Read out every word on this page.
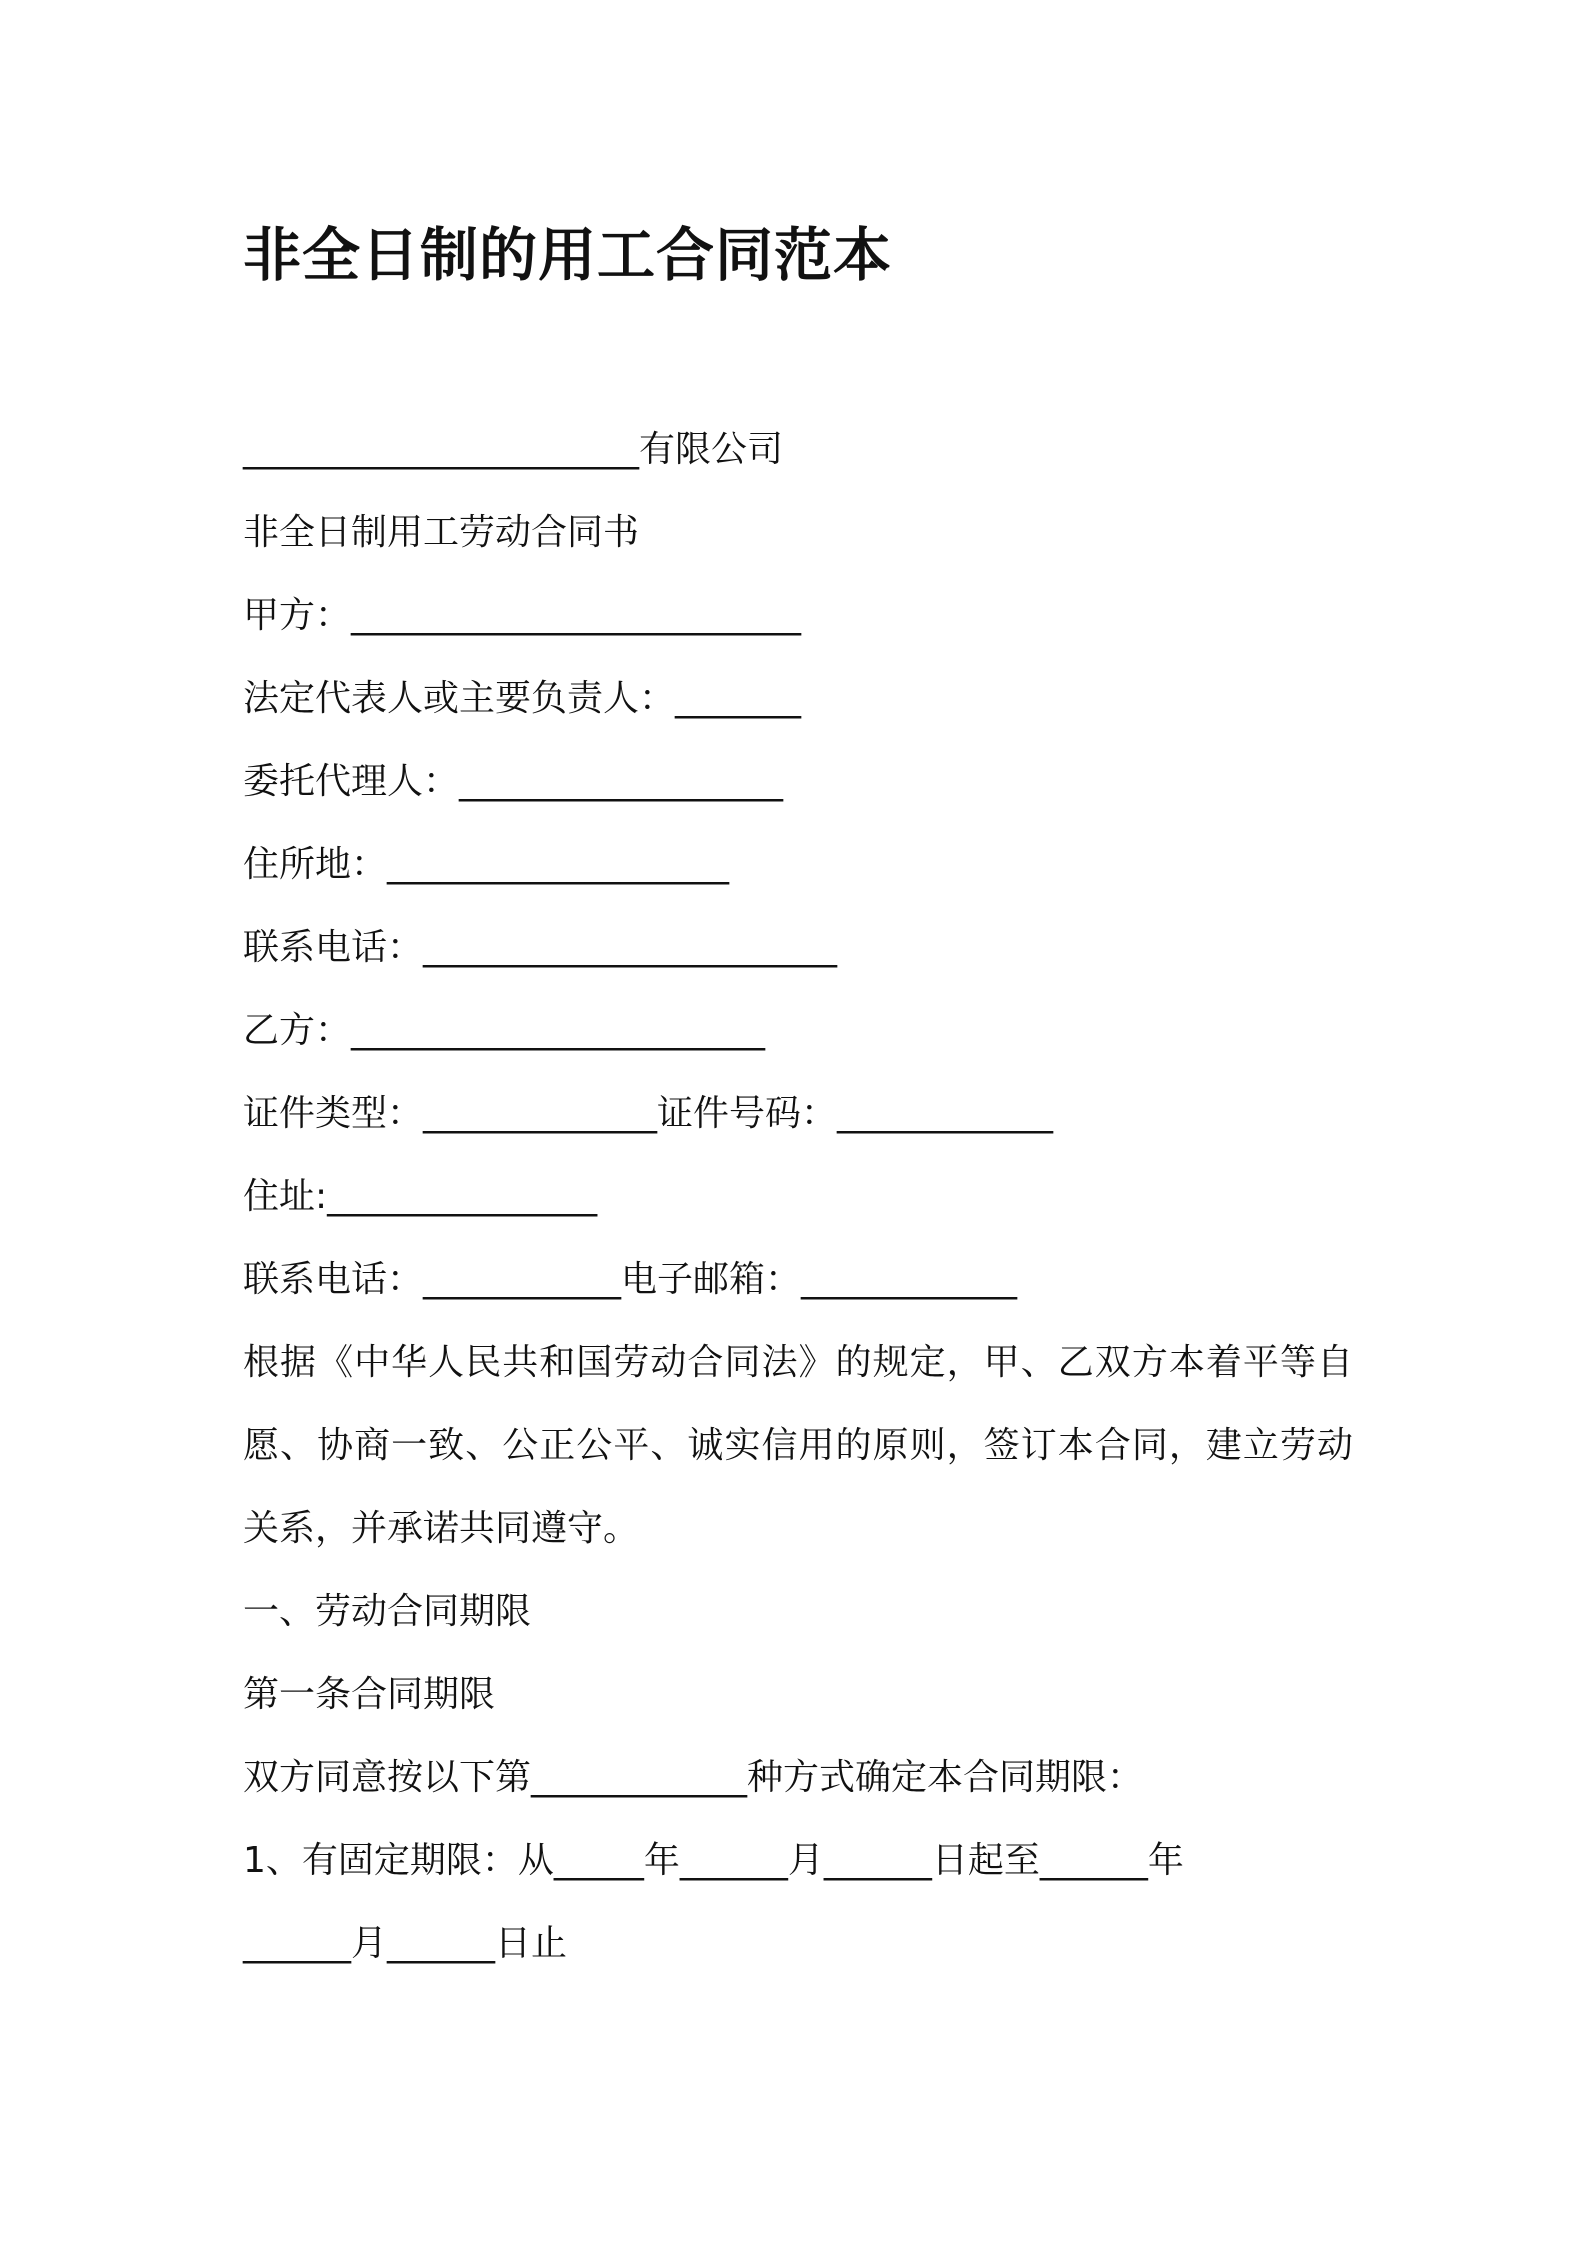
非全日制的用工合同范本
______________________有限公司
非全日制用工劳动合同书
甲方：_________________________
法定代表人或主要负责人：_______
委托代理人：__________________
住所地：___________________
联系电话：_______________________
乙方：_______________________
证件类型：_____________证件号码：____________
住址:_______________
联系电话：___________电子邮箱：____________
根据《中华人民共和国劳动合同法》的规定，甲、乙双方本着平等自愿、协商一致、公正公平、诚实信用的原则，签订本合同，建立劳动关系，并承诺共同遵守。
一、劳动合同期限
第一条合同期限
双方同意按以下第____________种方式确定本合同期限：
1、有固定期限：从_____年______月______日起至______年
______月______日止
